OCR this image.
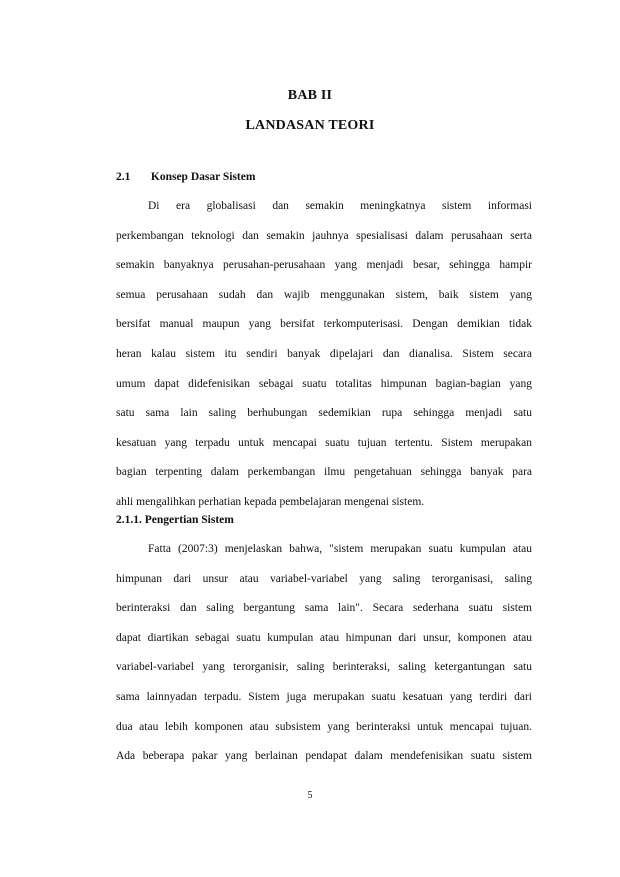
BAB II
LANDASAN TEORI
2.1 Konsep Dasar Sistem
Di era globalisasi dan semakin meningkatnya sistem informasi
perkembangan teknologi dan semakin jauhnya spesialisasi dalam perusahaan serta
semakin banyaknya perusahan-perusahaan yang menjadi besar, sehingga hampir
semua perusahaan sudah dan wajib menggunakan sistem, baik sistem yang
bersifat manual maupun yang bersifat terkomputerisasi. Dengan demikian tidak
heran kalau sistem itu sendiri banyak dipelajari dan dianalisa. Sistem secara
umum dapat didefenisikan sebagai suatu totalitas himpunan bagian-bagian yang
satu sama lain saling berhubungan sedemikian rupa sehingga menjadi satu
kesatuan yang terpadu untuk mencapai suatu tujuan tertentu. Sistem merupakan
bagian terpenting dalam perkembangan ilmu pengetahuan sehingga banyak para
ahli mengalihkan perhatian kepada pembelajaran mengenai sistem.
2.1.1. Pengertian Sistem
Fatta (2007:3) menjelaskan bahwa, "sistem merupakan suatu kumpulan atau
himpunan dari unsur atau variabel-variabel yang saling terorganisasi, saling
berinteraksi dan saling bergantung sama lain". Secara sederhana suatu sistem
dapat diartikan sebagai suatu kumpulan atau himpunan dari unsur, komponen atau
variabel-variabel yang terorganisir, saling berinteraksi, saling ketergantungan satu
sama lainnyadan terpadu. Sistem juga merupakan suatu kesatuan yang terdiri dari
dua atau lebih komponen atau subsistem yang berinteraksi untuk mencapai tujuan.
Ada beberapa pakar yang berlainan pendapat dalam mendefenisikan suatu sistem
5
